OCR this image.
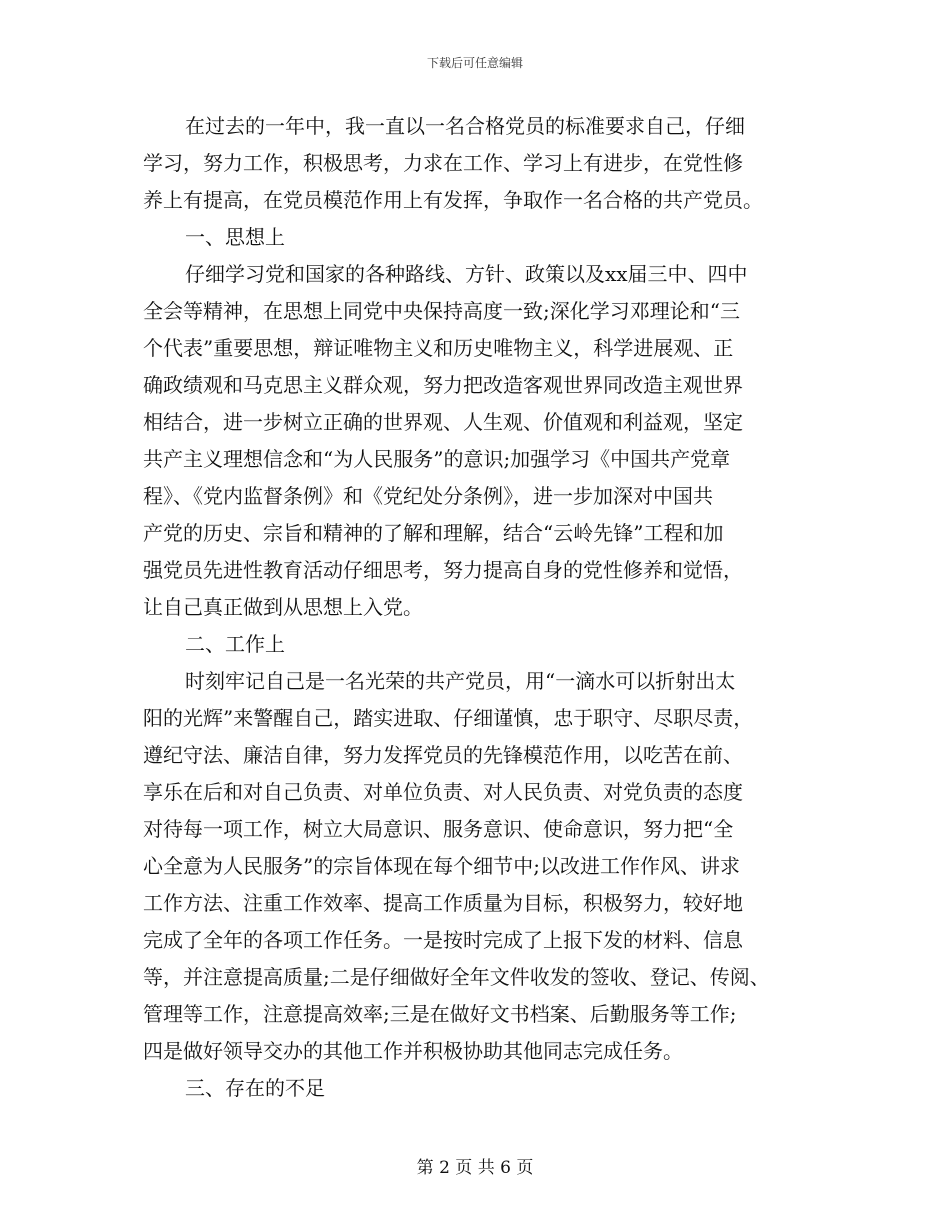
下载后可任意编辑
在过去的一年中，我一直以一名合格党员的标准要求自己，仔细
学习，努力工作，积极思考，力求在工作、学习上有进步，在党性修
养上有提高，在党员模范作用上有发挥，争取作一名合格的共产党员。
一、思想上
仔细学习党和国家的各种路线、方针、政策以及xx届三中、四中
全会等精神，在思想上同党中央保持高度一致;深化学习邓理论和“三
个代表”重要思想，辩证唯物主义和历史唯物主义，科学进展观、正
确政绩观和马克思主义群众观，努力把改造客观世界同改造主观世界
相结合，进一步树立正确的世界观、人生观、价值观和利益观，坚定
共产主义理想信念和“为人民服务”的意识;加强学习《中国共产党章
程》、《党内监督条例》和《党纪处分条例》，进一步加深对中国共
产党的历史、宗旨和精神的了解和理解，结合“云岭先锋”工程和加
强党员先进性教育活动仔细思考，努力提高自身的党性修养和觉悟，
让自己真正做到从思想上入党。
二、工作上
时刻牢记自己是一名光荣的共产党员，用“一滴水可以折射出太
阳的光辉”来警醒自己，踏实进取、仔细谨慎，忠于职守、尽职尽责，
遵纪守法、廉洁自律，努力发挥党员的先锋模范作用，以吃苦在前、
享乐在后和对自己负责、对单位负责、对人民负责、对党负责的态度
对待每一项工作，树立大局意识、服务意识、使命意识，努力把“全
心全意为人民服务”的宗旨体现在每个细节中;以改进工作作风、讲求
工作方法、注重工作效率、提高工作质量为目标，积极努力，较好地
完成了全年的各项工作任务。一是按时完成了上报下发的材料、信息
等，并注意提高质量;二是仔细做好全年文件收发的签收、登记、传阅、
管理等工作，注意提高效率;三是在做好文书档案、后勤服务等工作;
四是做好领导交办的其他工作并积极协助其他同志完成任务。
三、存在的不足
第 2 页 共 6 页
